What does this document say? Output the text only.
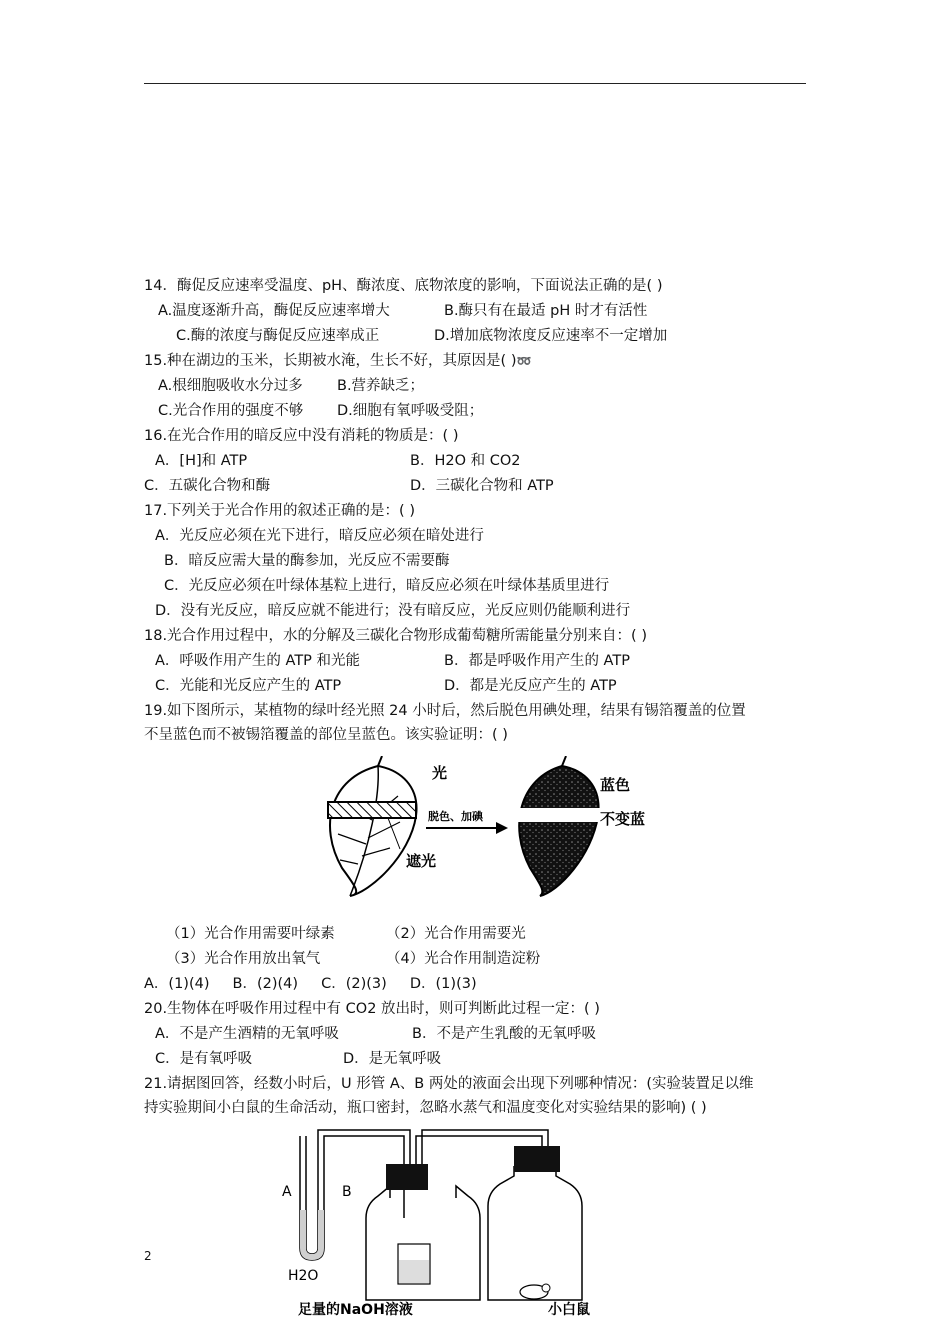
14．酶促反应速率受温度、pH、酶浓度、底物浓度的影响，下面说法正确的是( )
A.温度逐渐升高，酶促反应速率增大	B.酶只有在最适 pH 时才有活性
C.酶的浓度与酶促反应速率成正	D.增加底物浓度反应速率不一定增加
15.种在湖边的玉米，长期被水淹，生长不好，其原因是( )➿
A.根细胞吸收水分过多 B.营养缺乏；
C.光合作用的强度不够 D.细胞有氧呼吸受阻；
16.在光合作用的暗反应中没有消耗的物质是：( )
A．[H]和 ATP	B．H2O 和 CO2
C．五碳化合物和酶	D．三碳化合物和 ATP
17.下列关于光合作用的叙述正确的是：( )
A．光反应必须在光下进行，暗反应必须在暗处进行
B．暗反应需大量的酶参加，光反应不需要酶
C．光反应必须在叶绿体基粒上进行，暗反应必须在叶绿体基质里进行
D．没有光反应，暗反应就不能进行；没有暗反应，光反应则仍能顺利进行
18.光合作用过程中，水的分解及三碳化合物形成葡萄糖所需能量分别来自：( )
A．呼吸作用产生的 ATP 和光能	B．都是呼吸作用产生的 ATP
C．光能和光反应产生的 ATP	D．都是光反应产生的 ATP
19.如下图所示，某植物的绿叶经光照 24 小时后，然后脱色用碘处理，结果有锡箔覆盖的位置
不呈蓝色而不被锡箔覆盖的部位呈蓝色。该实验证明：( )
光
遮光
脱色、加碘
蓝色
不变蓝
（1）光合作用需要叶绿素	（2）光合作用需要光
（3）光合作用放出氧气	（4）光合作用制造淀粉
A．(1)(4)     B．(2)(4)     C．(2)(3)     D．(1)(3)
20.生物体在呼吸作用过程中有 CO2 放出时，则可判断此过程一定：( )
A．不是产生酒精的无氧呼吸	B．不是产生乳酸的无氧呼吸
C．是有氧呼吸	D．是无氧呼吸
21.请据图回答，经数小时后，U 形管 A、B 两处的液面会出现下列哪种情况：(实验装置足以维
持实验期间小白鼠的生命活动，瓶口密封，忽略水蒸气和温度变化对实验结果的影响) ( )
A	B
H2O
足量的NaOH溶液	小白鼠
2
